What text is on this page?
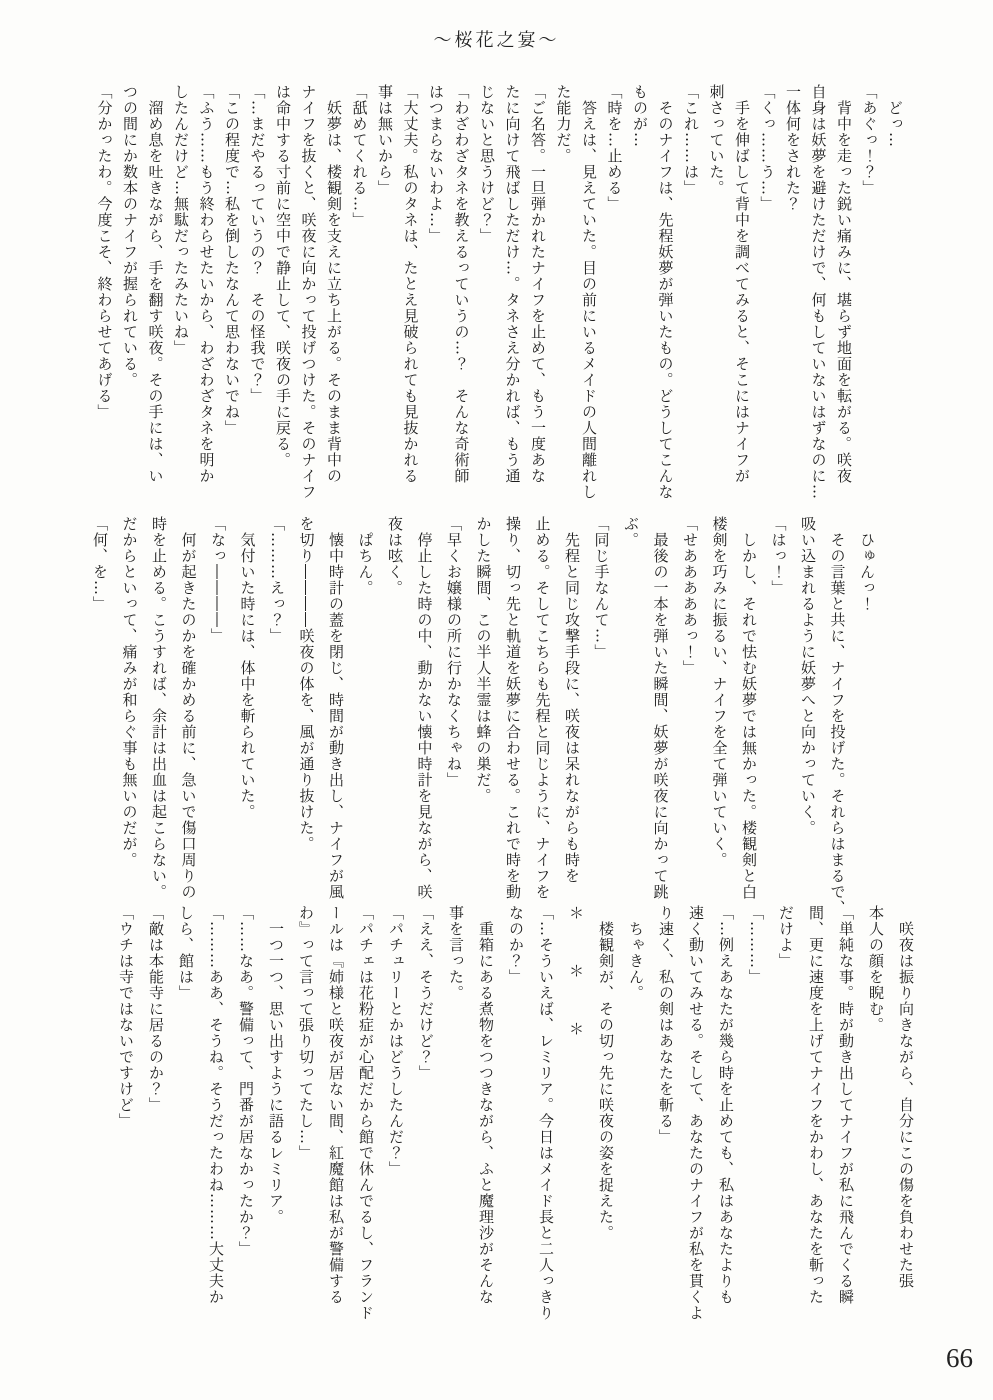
～桜花之宴～

　どっ…

「あぐっ！？」

　背中を走った鋭い痛みに、堪らず地面を転がる。咲夜

自身は妖夢を避けただけで、何もしていないはずなのに…

一体何をされた？

「くっ……う…」

　手を伸ばして背中を調べてみると、そこにはナイフが

刺さっていた。

「これ……は」

　そのナイフは、先程妖夢が弾いたもの。どうしてこんな

ものが…

「時を…止める」

　答えは、見えていた。目の前にいるメイドの人間離れし

た能力だ。

「ご名答。一旦弾かれたナイフを止めて、もう一度あな

たに向けて飛ばしただけ…。タネさえ分かれば、もう通

じないと思うけど？」

「わざわざタネを教えるっていうの…？　そんな奇術師

はつまらないわよ…」

「大丈夫。私のタネは、たとえ見破られても見抜かれる

事は無いから」

「舐めてくれる…」

　妖夢は、楼観剣を支えに立ち上がる。そのまま背中の

ナイフを抜くと、咲夜に向かって投げつけた。そのナイフ

は命中する寸前に空中で静止して、咲夜の手に戻る。

「…まだやるっていうの？　その怪我で？」

「この程度で…私を倒したなんて思わないでね」

「ふう……もう終わらせたいから、わざわざタネを明か

したんだけど…無駄だったみたいね」

　溜め息を吐きながら、手を翻す咲夜。その手には、い

つの間にか数本のナイフが握られている。

「分かったわ。今度こそ、終わらせてあげる」

　ひゅんっ！

　その言葉と共に、ナイフを投げた。それらはまるで、

吸い込まれるように妖夢へと向かっていく。

「はっ！」

　しかし、それで怯む妖夢では無かった。楼観剣と白

楼剣を巧みに振るい、ナイフを全て弾いていく。

「せあああああっ！」

　最後の一本を弾いた瞬間、妖夢が咲夜に向かって跳

ぶ。

「同じ手なんて…」

　先程と同じ攻撃手段に、咲夜は呆れながらも時を

止める。そしてこちらも先程と同じように、ナイフを

操り、切っ先と軌道を妖夢に合わせる。これで時を動

かした瞬間、この半人半霊は蜂の巣だ。

「早くお嬢様の所に行かなくちゃね」

　停止した時の中、動かない懐中時計を見ながら、咲

夜は呟く。

　ぱちん。

　懐中時計の蓋を閉じ、時間が動き出し、ナイフが風

を切り――――咲夜の体を、風が通り抜けた。

「………えっ？」

　気付いた時には、体中を斬られていた。

「なっ――――」

　何が起きたのかを確かめる前に、急いで傷口周りの

時を止める。こうすれば、余計は出血は起こらない。

だからといって、痛みが和らぐ事も無いのだが。

「何、を…」

　咲夜は振り向きながら、自分にこの傷を負わせた張

本人の顔を睨む。

「単純な事。時が動き出してナイフが私に飛んでくる瞬

間、更に速度を上げてナイフをかわし、あなたを斬った

だけよ」

「………」

「…例えあなたが幾ら時を止めても、私はあなたよりも

速く動いてみせる。そして、あなたのナイフが私を貫くよ

り速く、私の剣はあなたを斬る」

　ちゃきん。

　楼観剣が、その切っ先に咲夜の姿を捉えた。

＊　＊　＊

「…そういえば、レミリア。今日はメイド長と二人っきり

なのか？」

　重箱にある煮物をつつきながら、ふと魔理沙がそんな

事を言った。

「ええ、そうだけど？」

「パチュリーとかはどうしたんだ？」

「パチェは花粉症が心配だから館で休んでるし、フランド

ールは『姉様と咲夜が居ない間、紅魔館は私が警備する

わ』って言って張り切ってたし…」

　一つ一つ、思い出すように語るレミリア。

「……なあ。警備って、門番が居なかったか？」

「………ああ、そうね。そうだったわね………大丈夫か

しら、館は」

「敵は本能寺に居るのか？」

「ウチは寺ではないですけど」

66
